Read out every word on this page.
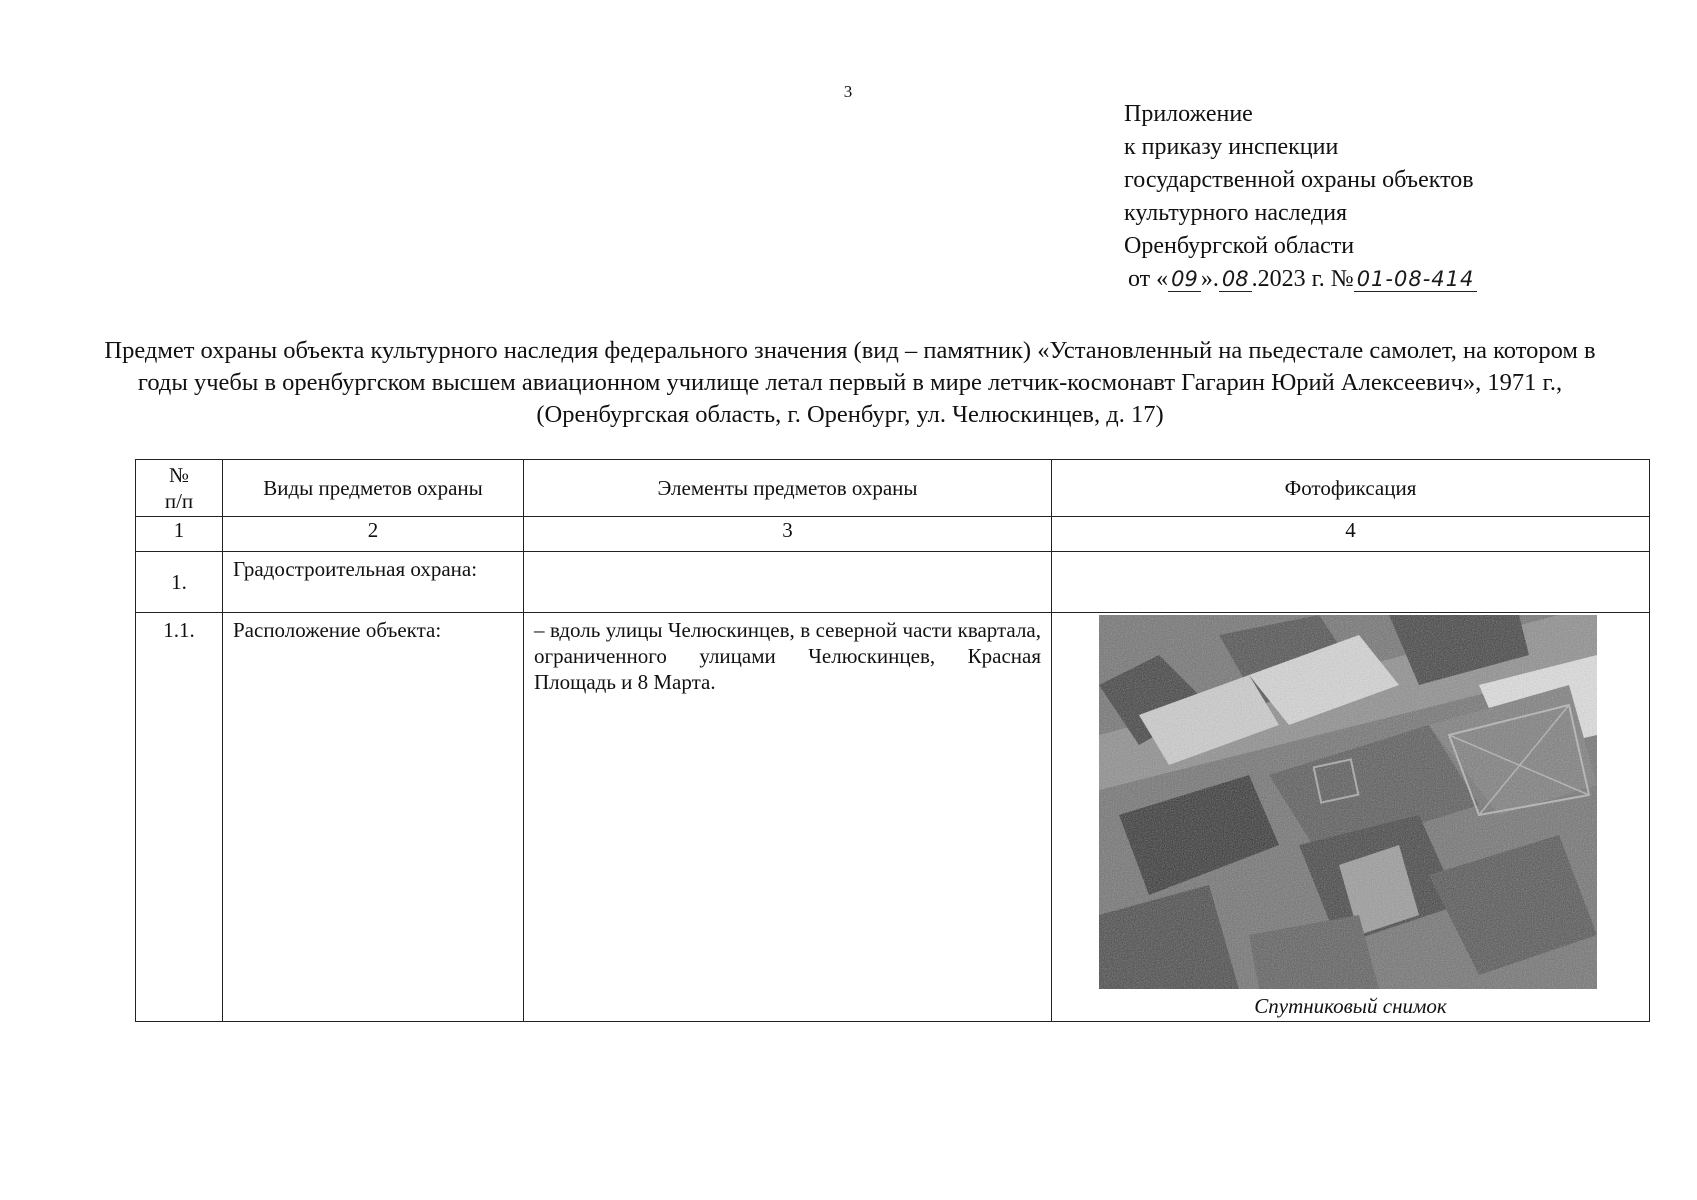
3
Приложение
к приказу инспекции
государственной охраны объектов
культурного наследия
Оренбургской области
от « 09 ». 08 .2023 г. № 01-08-414
Предмет охраны объекта культурного наследия федерального значения (вид – памятник) «Установленный на пьедестале самолет, на котором в годы учебы в оренбургском высшем авиационном училище летал первый в мире летчик-космонавт Гагарин Юрий Алексеевич», 1971 г., (Оренбургская область, г. Оренбург, ул. Челюскинцев, д. 17)
№ п/п	Виды предметов охраны	Элементы предметов охраны	Фотофиксация
1	2	3	4
1.	Градостроительная охрана:		
1.1.	Расположение объекта:	– вдоль улицы Челюскинцев, в северной части квартала, ограниченного улицами Челюскинцев, Красная Площадь и 8 Марта.	Спутниковый снимок
